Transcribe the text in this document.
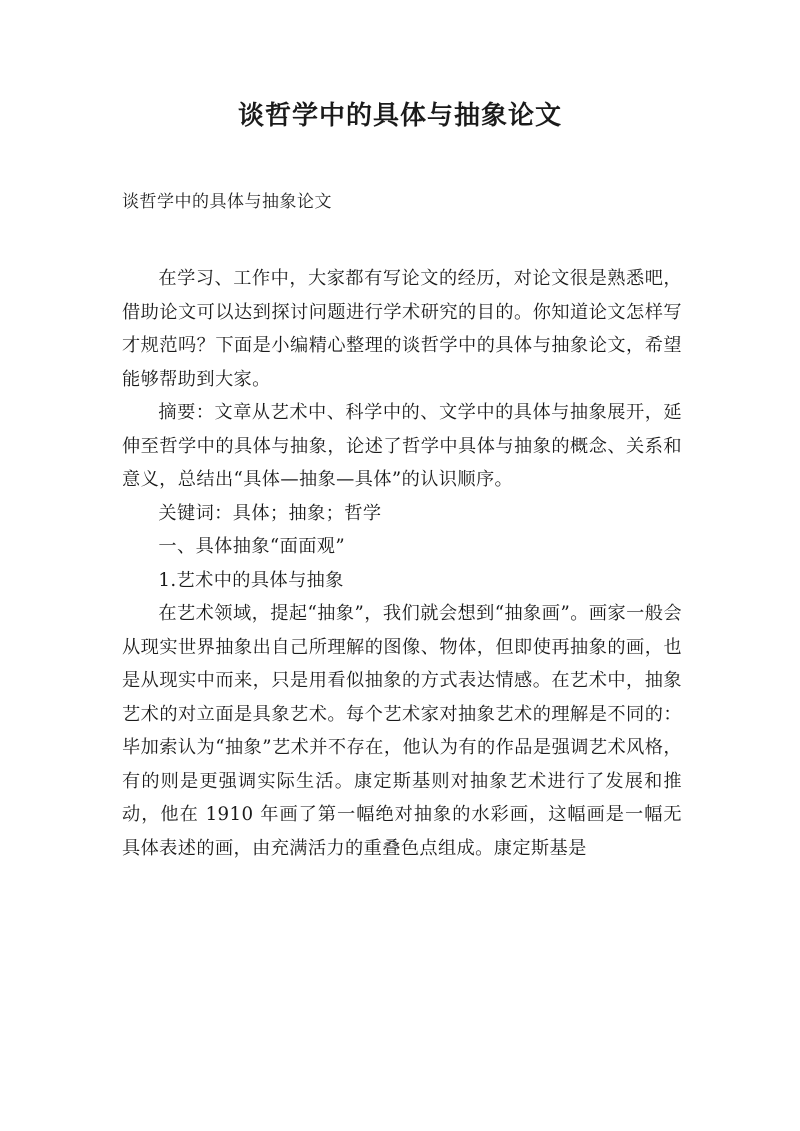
谈哲学中的具体与抽象论文

谈哲学中的具体与抽象论文

在学习、工作中，大家都有写论文的经历，对论文很是熟悉吧，借助论文可以达到探讨问题进行学术研究的目的。你知道论文怎样写才规范吗？下面是小编精心整理的谈哲学中的具体与抽象论文，希望能够帮助到大家。

摘要：文章从艺术中、科学中的、文学中的具体与抽象展开，延伸至哲学中的具体与抽象，论述了哲学中具体与抽象的概念、关系和意义，总结出“具体—抽象—具体”的认识顺序。

关键词：具体；抽象；哲学

一、具体抽象“面面观”

1.艺术中的具体与抽象

在艺术领域，提起“抽象”，我们就会想到“抽象画”。画家一般会从现实世界抽象出自己所理解的图像、物体，但即使再抽象的画，也是从现实中而来，只是用看似抽象的方式表达情感。在艺术中，抽象艺术的对立面是具象艺术。每个艺术家对抽象艺术的理解是不同的：毕加索认为“抽象”艺术并不存在，他认为有的作品是强调艺术风格，有的则是更强调实际生活。康定斯基则对抽象艺术进行了发展和推动，他在 1910 年画了第一幅绝对抽象的水彩画，这幅画是一幅无具体表述的画，由充满活力的重叠色点组成。康定斯基是
